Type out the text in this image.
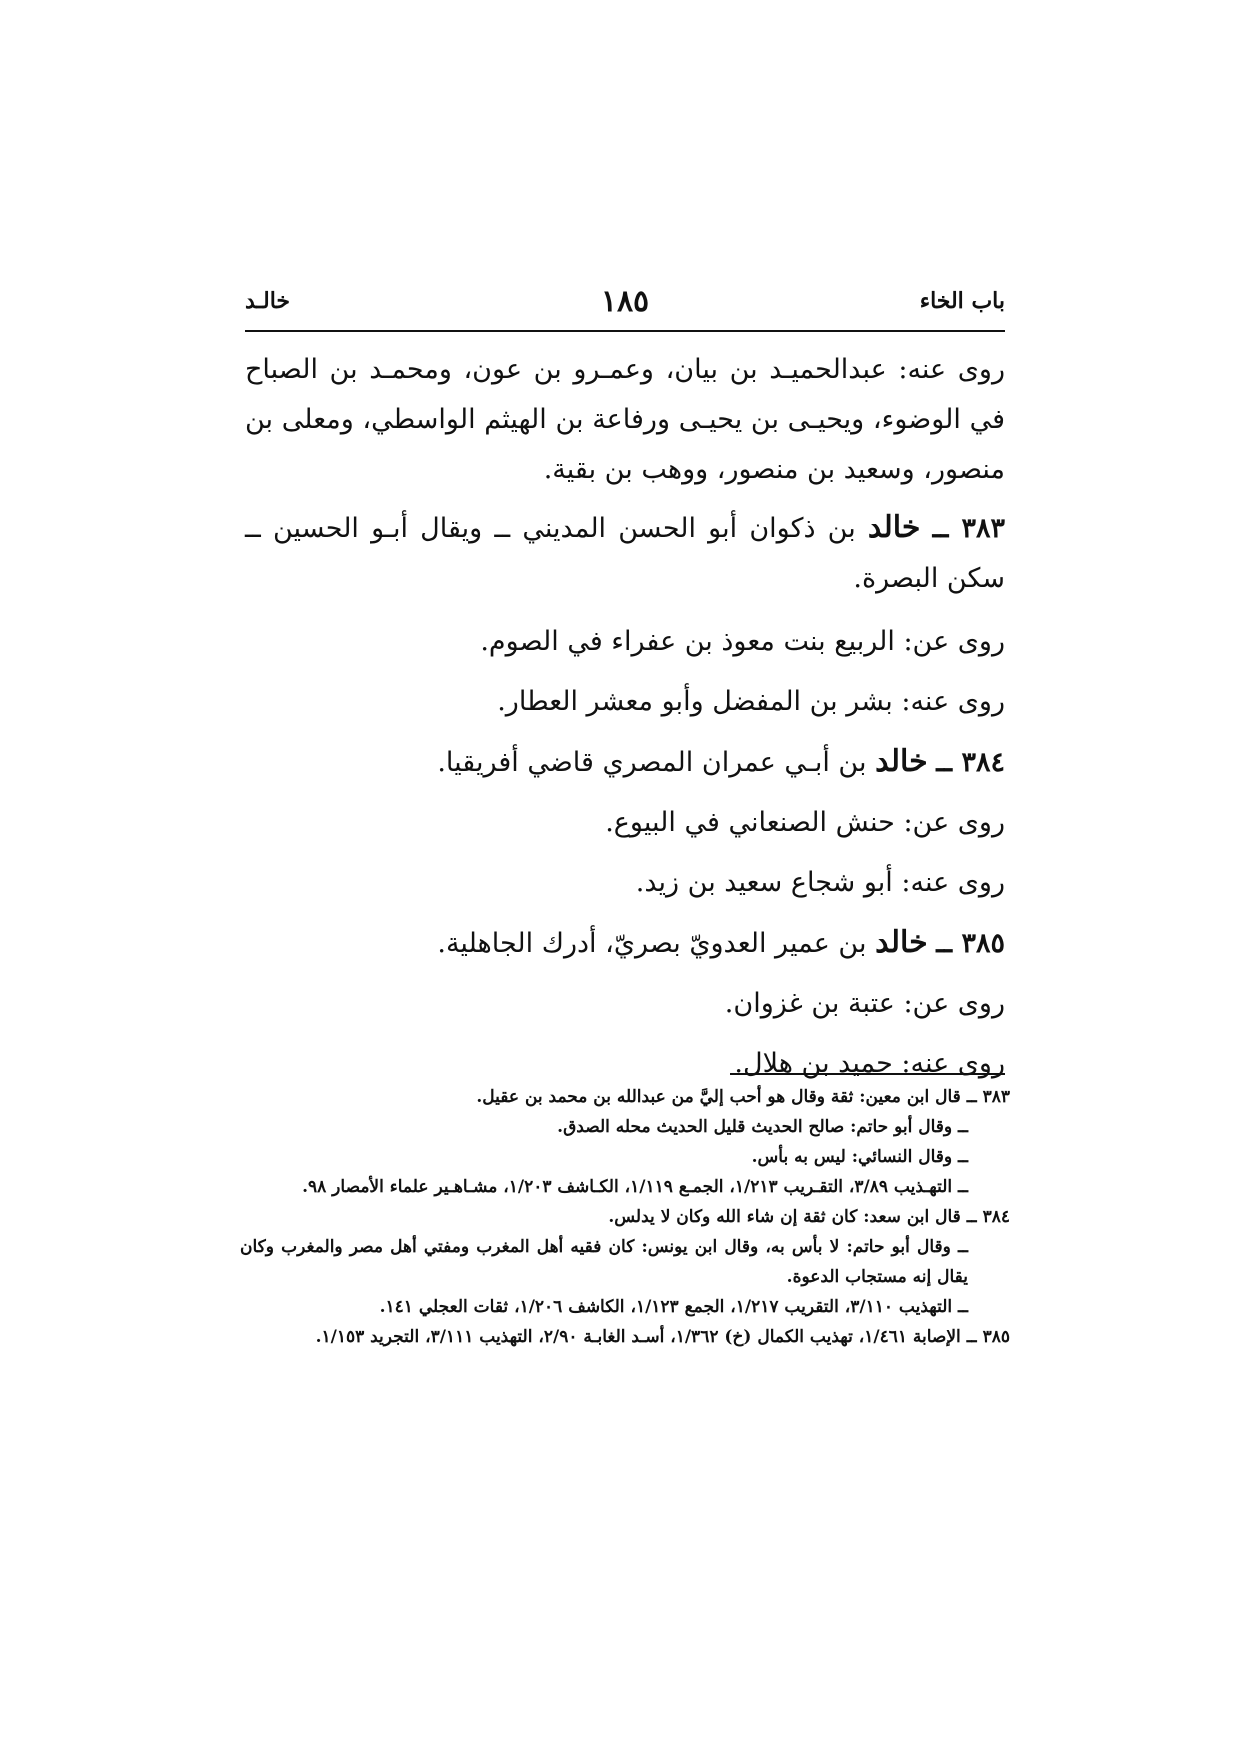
باب الخاء
١٨٥
خالـد

روى عنه: عبدالحميـد بن بيان، وعمـرو بن عون، ومحمـد بن الصباح في الوضوء، ويحيـى بن يحيـى ورفاعة بن الهيثم الواسطي، ومعلى بن منصور، وسعيد بن منصور، ووهب بن بقية.

٣٨٣ ــ خالد بن ذكوان أبو الحسن المديني ــ ويقال أبـو الحسين ــ سكن البصرة.

روى عن: الربيع بنت معوذ بن عفراء في الصوم.

روى عنه: بشر بن المفضل وأبو معشر العطار.

٣٨٤ ــ خالد بن أبـي عمران المصري قاضي أفريقيا.

روى عن: حنش الصنعاني في البيوع.

روى عنه: أبو شجاع سعيد بن زيد.

٣٨٥ ــ خالد بن عمير العدويّ بصريّ، أدرك الجاهلية.

روى عن: عتبة بن غزوان.

روى عنه: حميد بن هلال.

٣٨٣ ــ قال ابن معين: ثقة وقال هو أحب إليَّ من عبدالله بن محمد بن عقيل.

ــ وقال أبو حاتم: صالح الحديث قليل الحديث محله الصدق.

ــ وقال النسائي: ليس به بأس.

ــ التهـذيب ٣/٨٩، التقـريب ١/٢١٣، الجمـع ١/١١٩، الكـاشف ١/٢٠٣، مشـاهـير علماء الأمصار ٩٨.

٣٨٤ ــ قال ابن سعد: كان ثقة إن شاء الله وكان لا يدلس.

ــ وقال أبو حاتم: لا بأس به، وقال ابن يونس: كان فقيه أهل المغرب ومفتي أهل مصر والمغرب وكان يقال إنه مستجاب الدعوة.

ــ التهذيب ٣/١١٠، التقريب ١/٢١٧، الجمع ١/١٢٣، الكاشف ١/٢٠٦، ثقات العجلي ١٤١.

٣٨٥ ــ الإصابة ١/٤٦١، تهذيب الكمال (خ) ١/٣٦٢، أسـد الغابـة ٢/٩٠، التهذيب ٣/١١١، التجريد ١/١٥٣.
